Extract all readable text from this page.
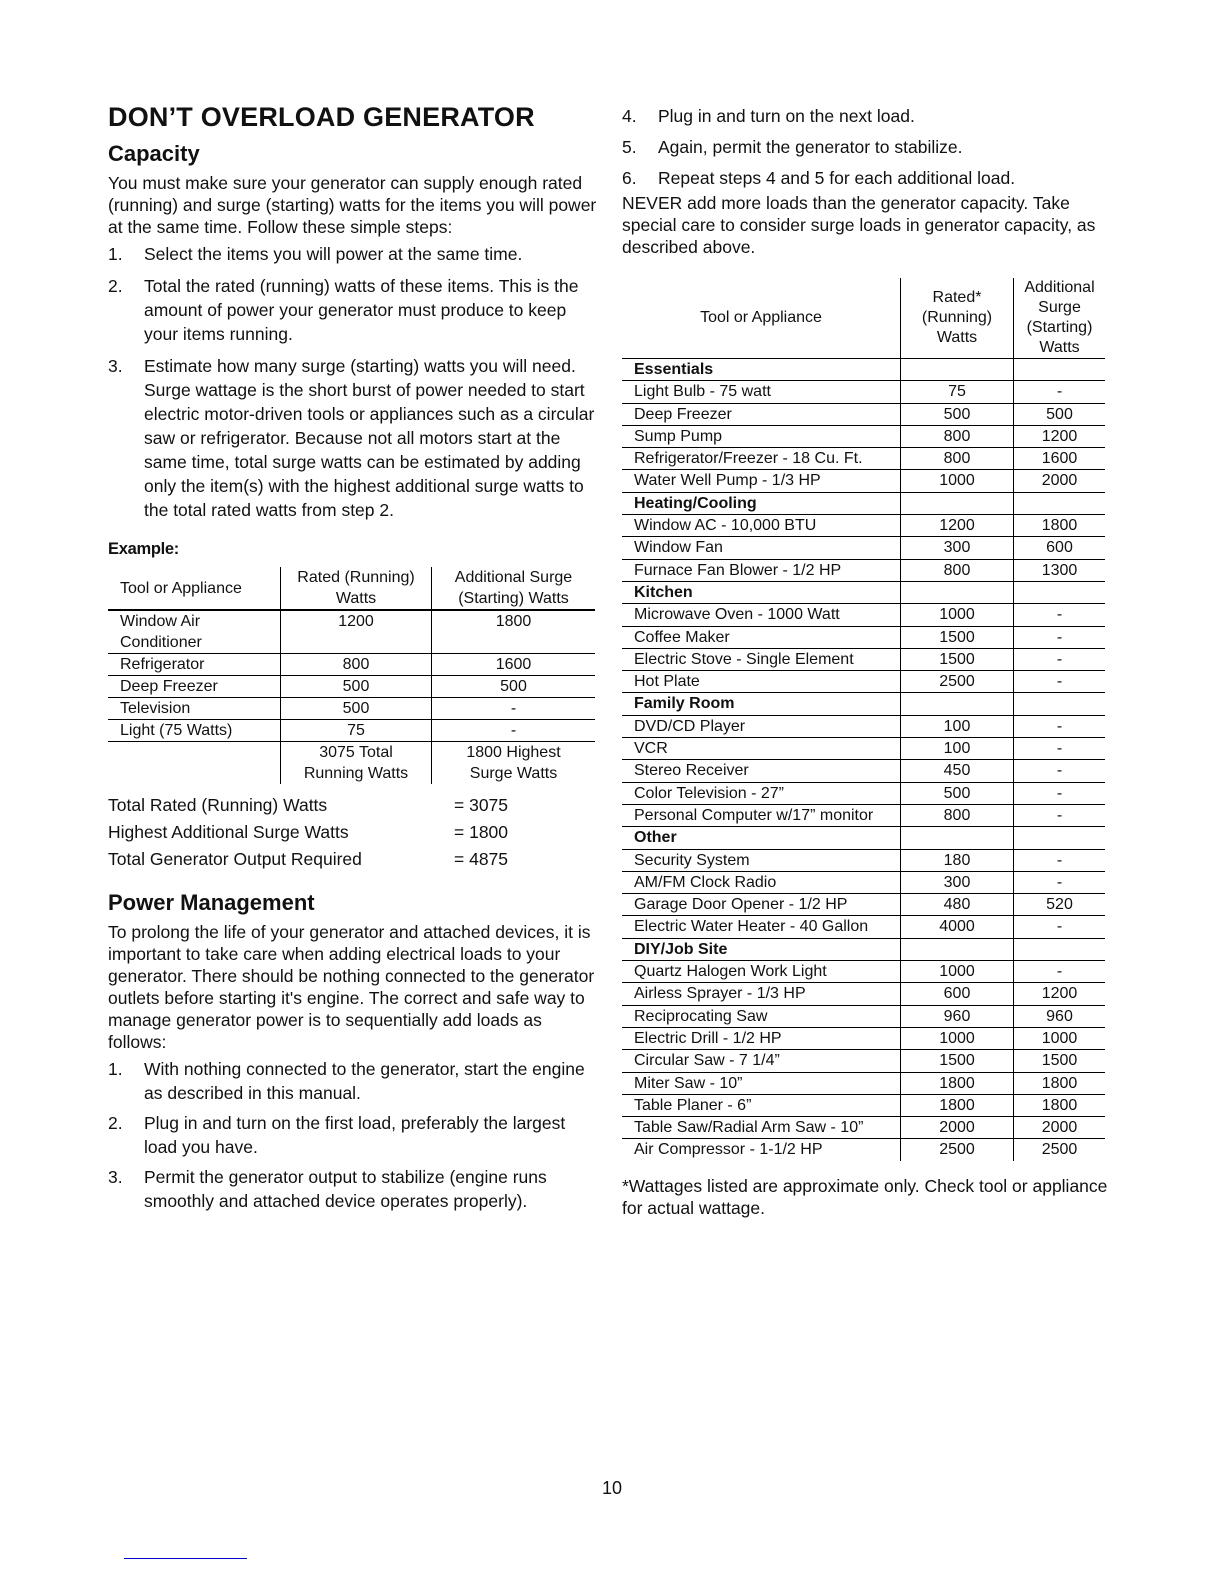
DON’T OVERLOAD GENERATOR
Capacity

You must make sure your generator can supply enough rated (running) and surge (starting) watts for the items you will power at the same time. Follow these simple steps:

1. Select the items you will power at the same time.
2. Total the rated (running) watts of these items. This is the amount of power your generator must produce to keep your items running.
3. Estimate how many surge (starting) watts you will need. Surge wattage is the short burst of power needed to start electric motor-driven tools or appliances such as a circular saw or refrigerator. Because not all motors start at the same time, total surge watts can be estimated by adding only the item(s) with the highest additional surge watts to the total rated watts from step 2.
Example:
Tool or Appliance	Rated (Running) Watts	Additional Surge (Starting) Watts
Window Air Conditioner	1200	1800
Refrigerator	800	1600
Deep Freezer	500	500
Television	500	-
Light (75 Watts)	75	-
	3075 Total Running Watts	1800 Highest Surge Watts
Total Rated (Running) Watts	= 3075
Highest Additional Surge Watts	= 1800
Total Generator Output Required	= 4875
Power Management

To prolong the life of your generator and attached devices, it is important to take care when adding electrical loads to your generator. There should be nothing connected to the generator outlets before starting it's engine. The correct and safe way to manage generator power is to sequentially add loads as follows:

1. With nothing connected to the generator, start the engine as described in this manual.
2. Plug in and turn on the first load, preferably the largest load you have.
3. Permit the generator output to stabilize (engine runs smoothly and attached device operates properly).
4. Plug in and turn on the next load.
5. Again, permit the generator to stabilize.
6. Repeat steps 4 and 5 for each additional load.

NEVER add more loads than the generator capacity. Take special care to consider surge loads in generator capacity, as described above.

Tool or Appliance	Rated* (Running) Watts	Additional Surge (Starting) Watts
Essentials		
Light Bulb - 75 watt	75	-
Deep Freezer	500	500
Sump Pump	800	1200
Refrigerator/Freezer - 18 Cu. Ft.	800	1600
Water Well Pump - 1/3 HP	1000	2000
Heating/Cooling		
Window AC - 10,000 BTU	1200	1800
Window Fan	300	600
Furnace Fan Blower - 1/2 HP	800	1300
Kitchen		
Microwave Oven - 1000 Watt	1000	-
Coffee Maker	1500	-
Electric Stove - Single Element	1500	-
Hot Plate	2500	-
Family Room		
DVD/CD Player	100	-
VCR	100	-
Stereo Receiver	450	-
Color Television - 27”	500	-
Personal Computer w/17” monitor	800	-
Other		
Security System	180	-
AM/FM Clock Radio	300	-
Garage Door Opener - 1/2 HP	480	520
Electric Water Heater - 40 Gallon	4000	-
DIY/Job Site		
Quartz Halogen Work Light	1000	-
Airless Sprayer - 1/3 HP	600	1200
Reciprocating Saw	960	960
Electric Drill - 1/2 HP	1000	1000
Circular Saw - 7 1/4”	1500	1500
Miter Saw - 10”	1800	1800
Table Planer - 6”	1800	1800
Table Saw/Radial Arm Saw - 10”	2000	2000
Air Compressor - 1-1/2 HP	2500	2500

*Wattages listed are approximate only. Check tool or appliance for actual wattage.

10
